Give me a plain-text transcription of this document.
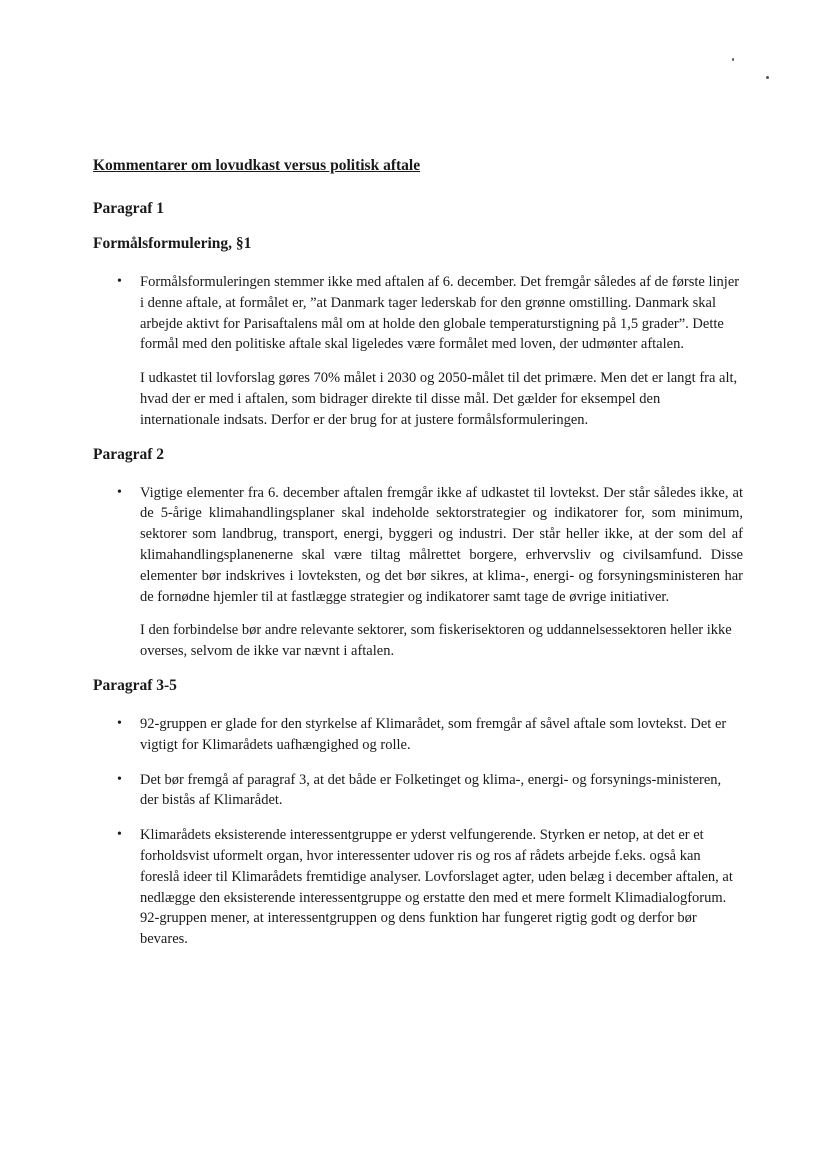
Kommentarer om lovudkast versus politisk aftale
Paragraf 1
Formålsformulering, §1
• Formålsformuleringen stemmer ikke med aftalen af 6. december. Det fremgår således af de første linjer i denne aftale, at formålet er, ”at Danmark tager lederskab for den grønne omstilling. Danmark skal arbejde aktivt for Parisaftalens mål om at holde den globale temperaturstigning på 1,5 grader”. Dette formål med den politiske aftale skal ligeledes være formålet med loven, der udmønter aftalen.

I udkastet til lovforslag gøres 70% målet i 2030 og 2050-målet til det primære. Men det er langt fra alt, hvad der er med i aftalen, som bidrager direkte til disse mål. Det gælder for eksempel den internationale indsats. Derfor er der brug for at justere formålsformuleringen.

Paragraf 2
• Vigtige elementer fra 6. december aftalen fremgår ikke af udkastet til lovtekst. Der står således ikke, at de 5-årige klimahandlingsplaner skal indeholde sektorstrategier og indikatorer for, som minimum, sektorer som landbrug, transport, energi, byggeri og industri. Der står heller ikke, at der som del af klimahandlingsplanenerne skal være tiltag målrettet borgere, erhvervsliv og civilsamfund. Disse elementer bør indskrives i lovteksten, og det bør sikres, at klima-, energi- og forsyningsministeren har de fornødne hjemler til at fastlægge strategier og indikatorer samt tage de øvrige initiativer.

I den forbindelse bør andre relevante sektorer, som fiskerisektoren og uddannelsessektoren heller ikke overses, selvom de ikke var nævnt i aftalen.

Paragraf 3-5
• 92-gruppen er glade for den styrkelse af Klimarådet, som fremgår af såvel aftale som lovtekst. Det er vigtigt for Klimarådets uafhængighed og rolle.

• Det bør fremgå af paragraf 3, at det både er Folketinget og klima-, energi- og forsynings-ministeren, der bistås af Klimarådet.

• Klimarådets eksisterende interessentgruppe er yderst velfungerende. Styrken er netop, at det er et forholdsvist uformelt organ, hvor interessenter udover ris og ros af rådets arbejde f.eks. også kan foreslå ideer til Klimarådets fremtidige analyser. Lovforslaget agter, uden belæg i december aftalen, at nedlægge den eksisterende interessentgruppe og erstatte den med et mere formelt Klimadialogforum. 92-gruppen mener, at interessentgruppen og dens funktion har fungeret rigtig godt og derfor bør bevares.
